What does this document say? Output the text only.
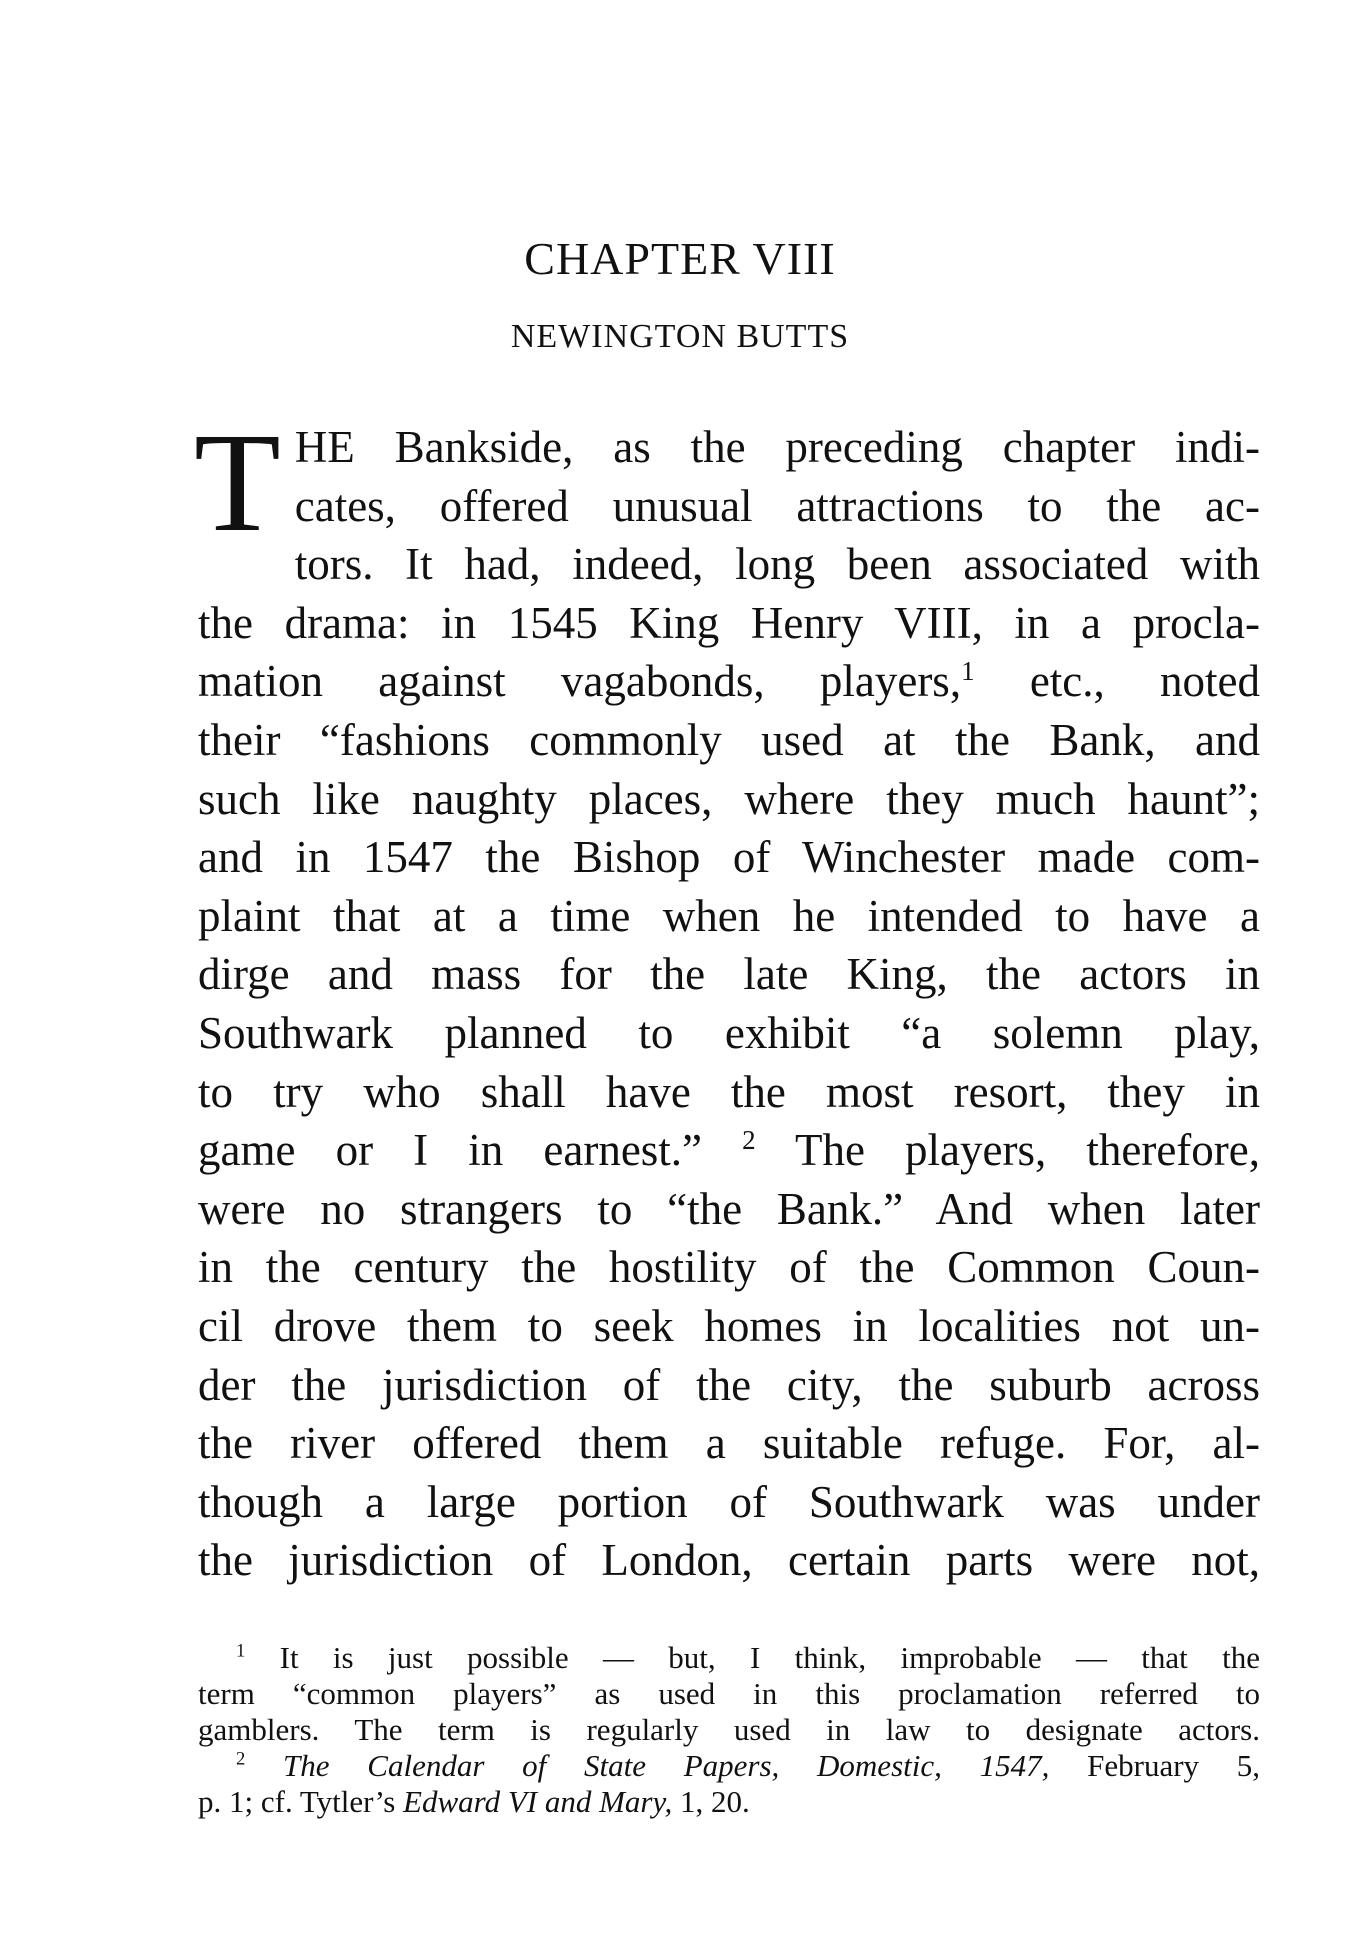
CHAPTER VIII
NEWINGTON BUTTS
T HE Bankside, as the preceding chapter indi-
cates, offered unusual attractions to the ac-
tors. It had, indeed, long been associated with
the drama: in 1545 King Henry VIII, in a procla-
mation against vagabonds, players,$^1$ etc., noted
their “fashions commonly used at the Bank, and
such like naughty places, where they much haunt”;
and in 1547 the Bishop of Winchester made com-
plaint that at a time when he intended to have a
dirge and mass for the late King, the actors in
Southwark planned to exhibit “a solemn play,
to try who shall have the most resort, they in
game or I in earnest.” $^2$ The players, therefore,
were no strangers to “the Bank.” And when later
in the century the hostility of the Common Coun-
cil drove them to seek homes in localities not un-
der the jurisdiction of the city, the suburb across
the river offered them a suitable refuge. For, al-
though a large portion of Southwark was under
the jurisdiction of London, certain parts were not,
$^1$ It is just possible — but, I think, improbable — that the
term “common players” as used in this proclamation referred to
gamblers. The term is regularly used in law to designate actors.
$^2$ The Calendar of State Papers, Domestic, 1547, February 5,
p. 1; cf. Tytler’s Edward VI and Mary, 1, 20.
